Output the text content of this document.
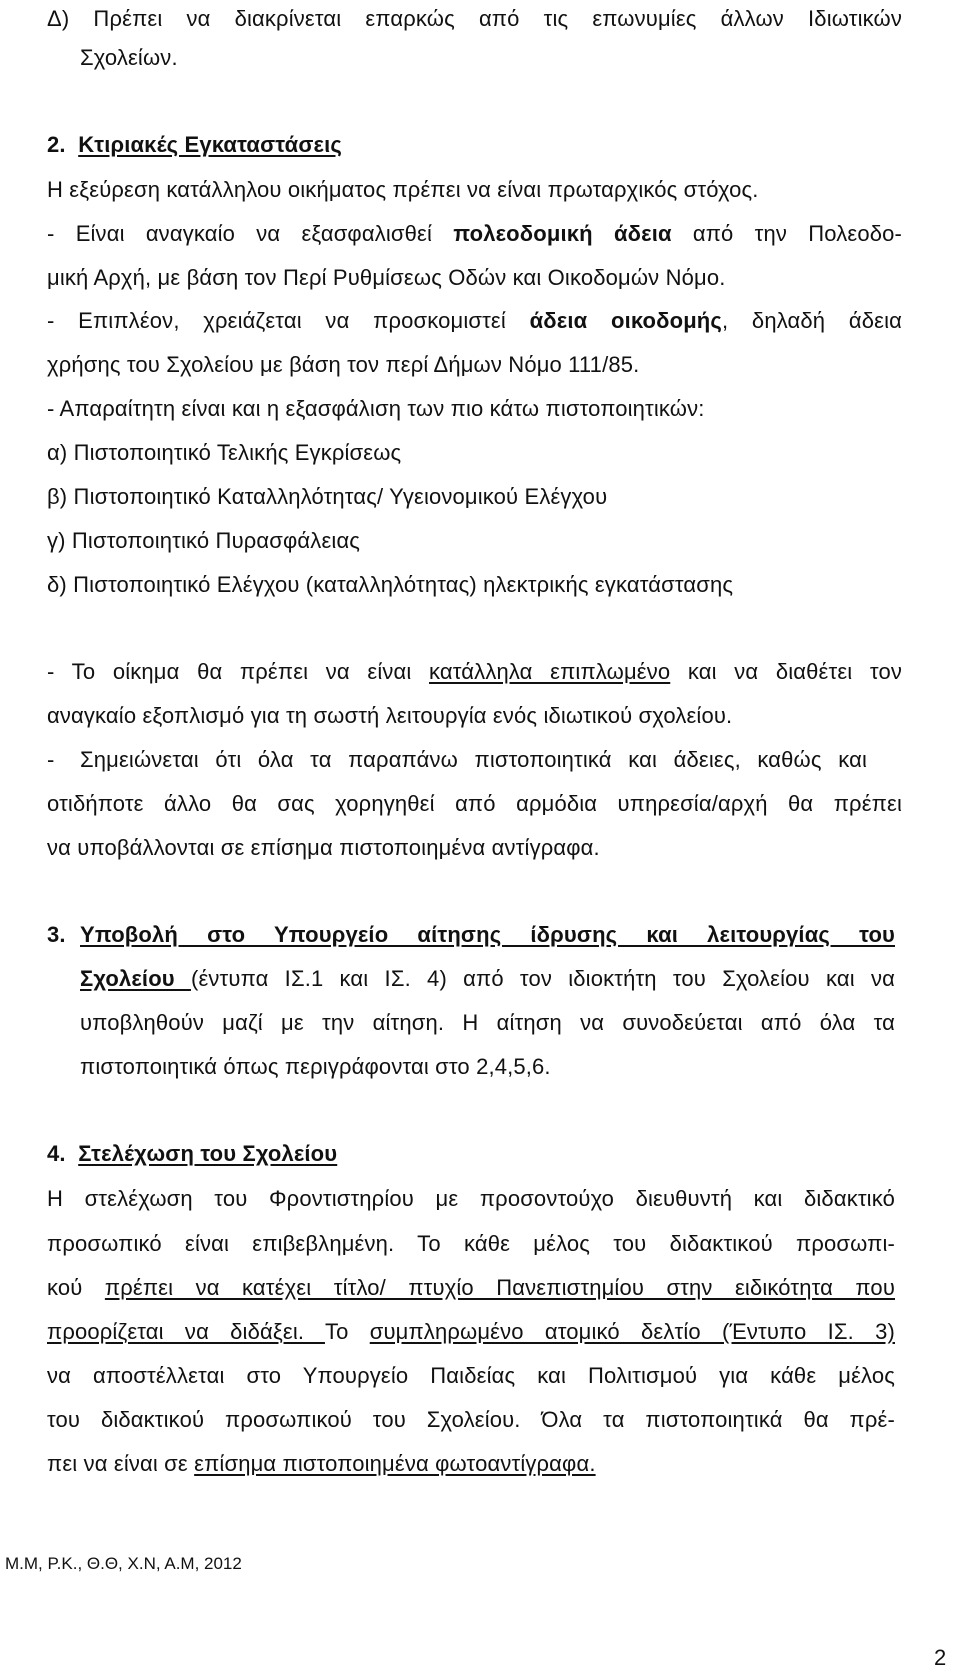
Δ) Πρέπει να διακρίνεται επαρκώς από τις επωνυμίες άλλων Ιδιωτικών
Σχολείων.
2. Κτιριακές Εγκαταστάσεις
Η εξεύρεση κατάλληλου οικήματος πρέπει να είναι πρωταρχικός στόχος.
- Είναι αναγκαίο να εξασφαλισθεί πολεοδομική άδεια από την Πολεοδο-
μική Αρχή, με βάση τον Περί Ρυθμίσεως Οδών και Οικοδομών Νόμο.
- Επιπλέον, χρειάζεται να προσκομιστεί άδεια οικοδομής, δηλαδή άδεια
χρήσης του Σχολείου με βάση τον περί Δήμων Νόμο 111/85.
- Απαραίτητη είναι και η εξασφάλιση των πιο κάτω πιστοποιητικών:
α) Πιστοποιητικό Τελικής Εγκρίσεως
β) Πιστοποιητικό Καταλληλότητας/ Υγειονομικού Ελέγχου
γ) Πιστοποιητικό Πυρασφάλειας
δ) Πιστοποιητικό Ελέγχου (καταλληλότητας) ηλεκτρικής εγκατάστασης
- Το οίκημα θα πρέπει να είναι κατάλληλα επιπλωμένο και να διαθέτει τον
αναγκαίο εξοπλισμό για τη σωστή λειτουργία ενός ιδιωτικού σχολείου.
- Σημειώνεται ότι όλα τα παραπάνω πιστοποιητικά και άδειες, καθώς και
οτιδήποτε άλλο θα σας χορηγηθεί από αρμόδια υπηρεσία/αρχή θα πρέπει
να υποβάλλονται σε επίσημα πιστοποιημένα αντίγραφα.
3. Υποβολή στο Υπουργείο αίτησης ίδρυσης και λειτουργίας του
Σχολείου (έντυπα ΙΣ.1 και ΙΣ. 4) από τον ιδιοκτήτη του Σχολείου και να
υποβληθούν μαζί με την αίτηση. Η αίτηση να συνοδεύεται από όλα τα
πιστοποιητικά όπως περιγράφονται στο 2,4,5,6.
4. Στελέχωση του Σχολείου
Η στελέχωση του Φροντιστηρίου με προσοντούχο διευθυντή και διδακτικό
προσωπικό είναι επιβεβλημένη. Το κάθε μέλος του διδακτικού προσωπι-
κού πρέπει να κατέχει τίτλο/ πτυχίο Πανεπιστημίου στην ειδικότητα που
προορίζεται να διδάξει. Το συμπληρωμένο ατομικό δελτίο (Έντυπο ΙΣ. 3)
να αποστέλλεται στο Υπουργείο Παιδείας και Πολιτισμού για κάθε μέλος
του διδακτικού προσωπικού του Σχολείου. Όλα τα πιστοποιητικά θα πρέ-
πει να είναι σε επίσημα πιστοποιημένα φωτοαντίγραφα.
Μ.Μ, Ρ.Κ., Θ.Θ, Χ.Ν, Α.Μ, 2012
2
